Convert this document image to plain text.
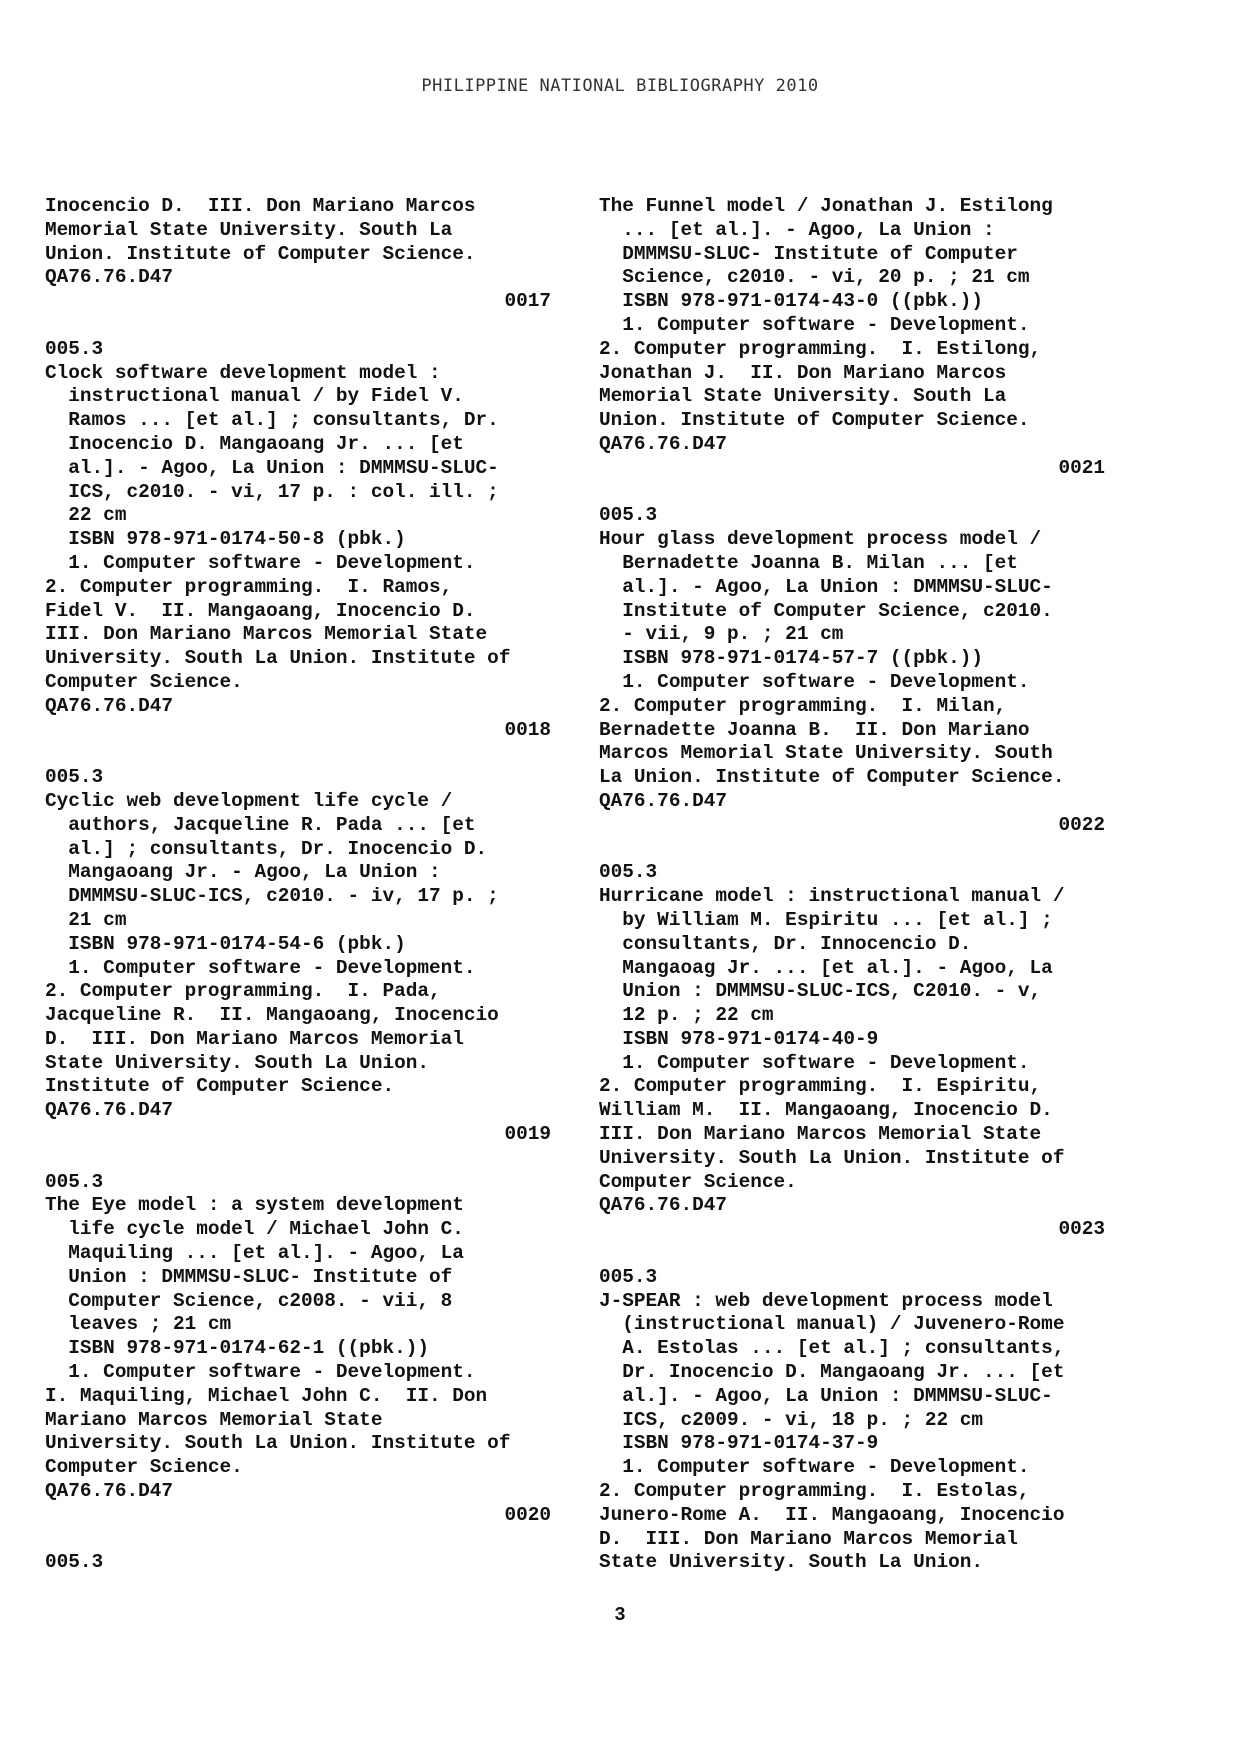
PHILIPPINE NATIONAL BIBLIOGRAPHY 2010
Inocencio D.  III. Don Mariano Marcos
Memorial State University. South La
Union. Institute of Computer Science.
QA76.76.D47
0017
005.3
Clock software development model :
instructional manual / by Fidel V.
Ramos ... [et al.] ; consultants, Dr.
Inocencio D. Mangaoang Jr. ... [et
al.]. - Agoo, La Union : DMMMSU-SLUC-
ICS, c2010. - vi, 17 p. : col. ill. ;
22 cm
ISBN 978-971-0174-50-8 (pbk.)
1. Computer software - Development.
2. Computer programming.  I. Ramos,
Fidel V.  II. Mangaoang, Inocencio D.
III. Don Mariano Marcos Memorial State
University. South La Union. Institute of
Computer Science.
QA76.76.D47
0018
005.3
Cyclic web development life cycle /
authors, Jacqueline R. Pada ... [et
al.] ; consultants, Dr. Inocencio D.
Mangaoang Jr. - Agoo, La Union :
DMMMSU-SLUC-ICS, c2010. - iv, 17 p. ;
21 cm
ISBN 978-971-0174-54-6 (pbk.)
1. Computer software - Development.
2. Computer programming.  I. Pada,
Jacqueline R.  II. Mangaoang, Inocencio
D.  III. Don Mariano Marcos Memorial
State University. South La Union.
Institute of Computer Science.
QA76.76.D47
0019
005.3
The Eye model : a system development
life cycle model / Michael John C.
Maquiling ... [et al.]. - Agoo, La
Union : DMMMSU-SLUC- Institute of
Computer Science, c2008. - vii, 8
leaves ; 21 cm
ISBN 978-971-0174-62-1 ((pbk.))
1. Computer software - Development.
I. Maquiling, Michael John C.  II. Don
Mariano Marcos Memorial State
University. South La Union. Institute of
Computer Science.
QA76.76.D47
0020
005.3
The Funnel model / Jonathan J. Estilong
... [et al.]. - Agoo, La Union :
DMMMSU-SLUC- Institute of Computer
Science, c2010. - vi, 20 p. ; 21 cm
ISBN 978-971-0174-43-0 ((pbk.))
1. Computer software - Development.
2. Computer programming.  I. Estilong,
Jonathan J.  II. Don Mariano Marcos
Memorial State University. South La
Union. Institute of Computer Science.
QA76.76.D47
0021
005.3
Hour glass development process model /
Bernadette Joanna B. Milan ... [et
al.]. - Agoo, La Union : DMMMSU-SLUC-
Institute of Computer Science, c2010.
- vii, 9 p. ; 21 cm
ISBN 978-971-0174-57-7 ((pbk.))
1. Computer software - Development.
2. Computer programming.  I. Milan,
Bernadette Joanna B.  II. Don Mariano
Marcos Memorial State University. South
La Union. Institute of Computer Science.
QA76.76.D47
0022
005.3
Hurricane model : instructional manual /
by William M. Espiritu ... [et al.] ;
consultants, Dr. Innocencio D.
Mangaoag Jr. ... [et al.]. - Agoo, La
Union : DMMMSU-SLUC-ICS, C2010. - v,
12 p. ; 22 cm
ISBN 978-971-0174-40-9
1. Computer software - Development.
2. Computer programming.  I. Espiritu,
William M.  II. Mangaoang, Inocencio D.
III. Don Mariano Marcos Memorial State
University. South La Union. Institute of
Computer Science.
QA76.76.D47
0023
005.3
J-SPEAR : web development process model
(instructional manual) / Juvenero-Rome
A. Estolas ... [et al.] ; consultants,
Dr. Inocencio D. Mangaoang Jr. ... [et
al.]. - Agoo, La Union : DMMMSU-SLUC-
ICS, c2009. - vi, 18 p. ; 22 cm
ISBN 978-971-0174-37-9
1. Computer software - Development.
2. Computer programming.  I. Estolas,
Junero-Rome A.  II. Mangaoang, Inocencio
D.  III. Don Mariano Marcos Memorial
State University. South La Union.
3
